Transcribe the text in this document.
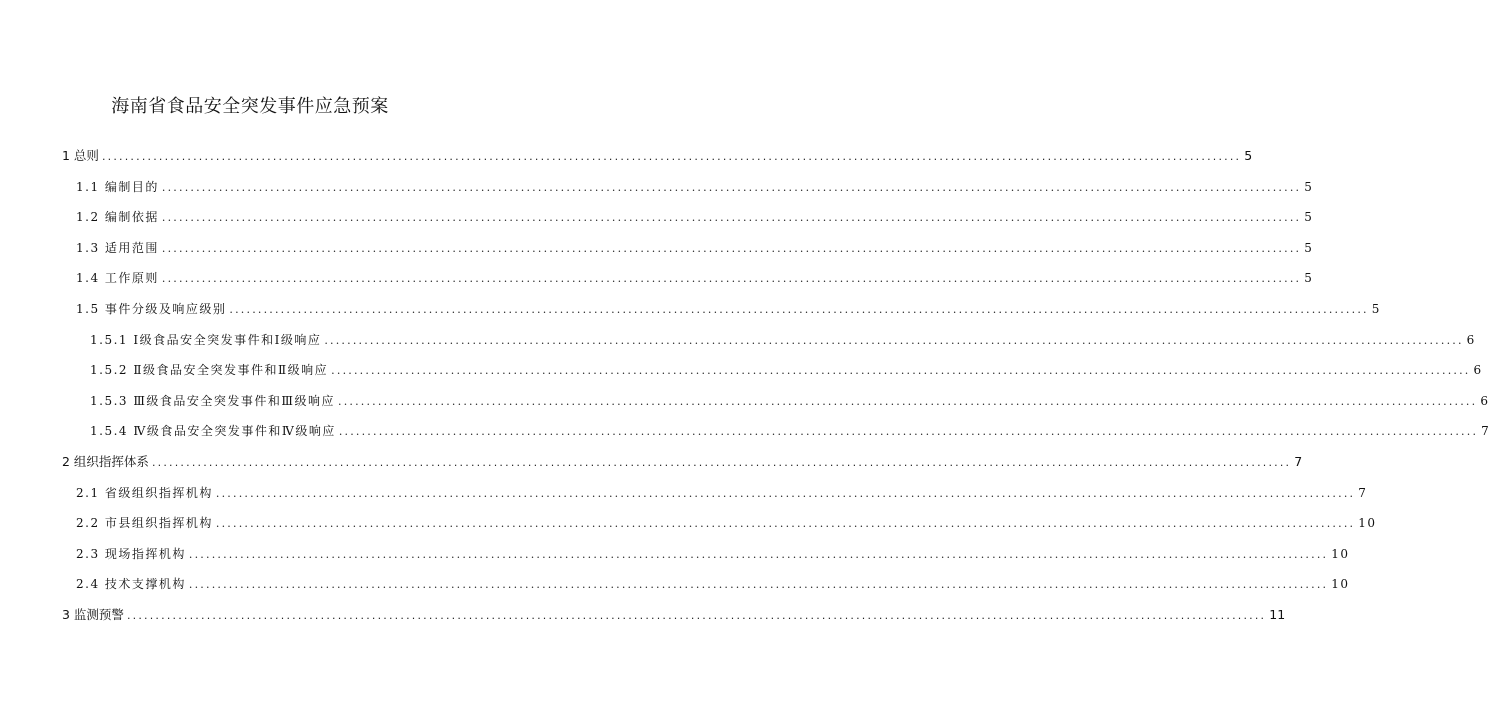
海南省食品安全突发事件应急预案
1 总则 ........................................................................................................................................................................................................ 5
1.1 编制目的 ........................................................................................................................................................................................................ 5
1.2 编制依据 ........................................................................................................................................................................................................ 5
1.3 适用范围 ........................................................................................................................................................................................................ 5
1.4 工作原则 ........................................................................................................................................................................................................ 5
1.5 事件分级及响应级别 ........................................................................................................................................................................................................ 5
1.5.1 Ⅰ级食品安全突发事件和Ⅰ级响应 ........................................................................................................................................................................................................ 6
1.5.2 Ⅱ级食品安全突发事件和Ⅱ级响应 ........................................................................................................................................................................................................ 6
1.5.3 Ⅲ级食品安全突发事件和Ⅲ级响应 ........................................................................................................................................................................................................ 6
1.5.4 Ⅳ级食品安全突发事件和Ⅳ级响应 ........................................................................................................................................................................................................ 7
2 组织指挥体系 ........................................................................................................................................................................................................ 7
2.1 省级组织指挥机构 ........................................................................................................................................................................................................ 7
2.2 市县组织指挥机构 ........................................................................................................................................................................................................ 10
2.3 现场指挥机构 ........................................................................................................................................................................................................ 10
2.4 技术支撑机构 ........................................................................................................................................................................................................ 10
3 监测预警 ........................................................................................................................................................................................................ 11
